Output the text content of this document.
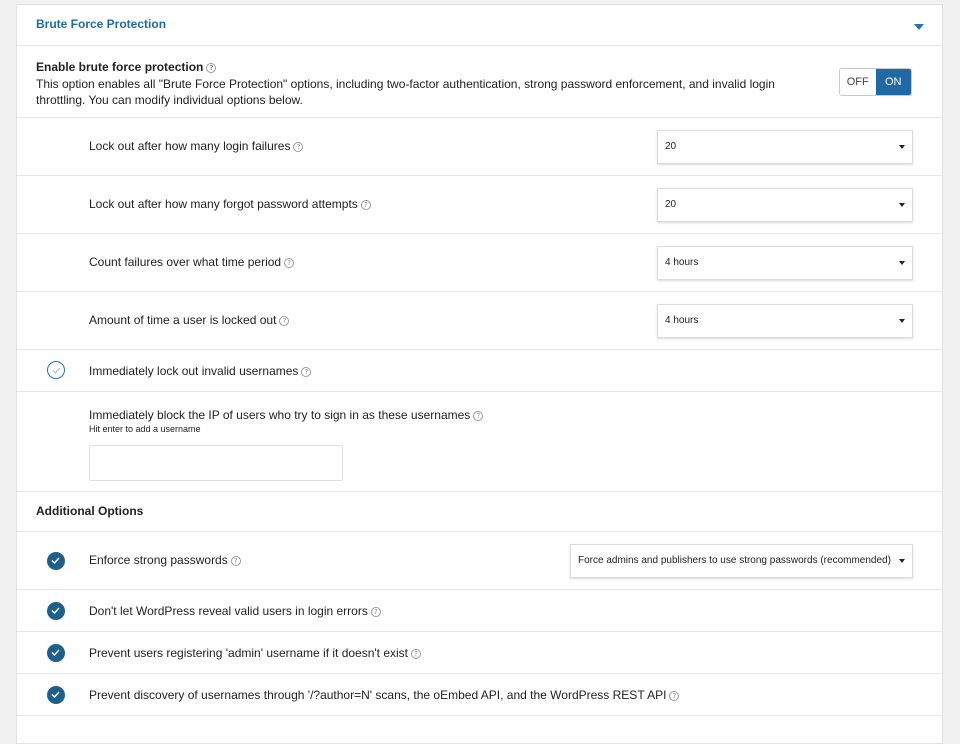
Brute Force Protection
Enable brute force protection ?
This option enables all "Brute Force Protection" options, including two-factor authentication, strong password enforcement, and invalid login throttling. You can modify individual options below.
OFF	ON
Lock out after how many login failures ?	20
Lock out after how many forgot password attempts ?	20
Count failures over what time period ?	4 hours
Amount of time a user is locked out ?	4 hours
Immediately lock out invalid usernames ?
Immediately block the IP of users who try to sign in as these usernames ?
Hit enter to add a username
Additional Options
Enforce strong passwords ?	Force admins and publishers to use strong passwords (recommended)
Don't let WordPress reveal valid users in login errors ?
Prevent users registering 'admin' username if it doesn't exist ?
Prevent discovery of usernames through '/?author=N' scans, the oEmbed API, and the WordPress REST API ?
